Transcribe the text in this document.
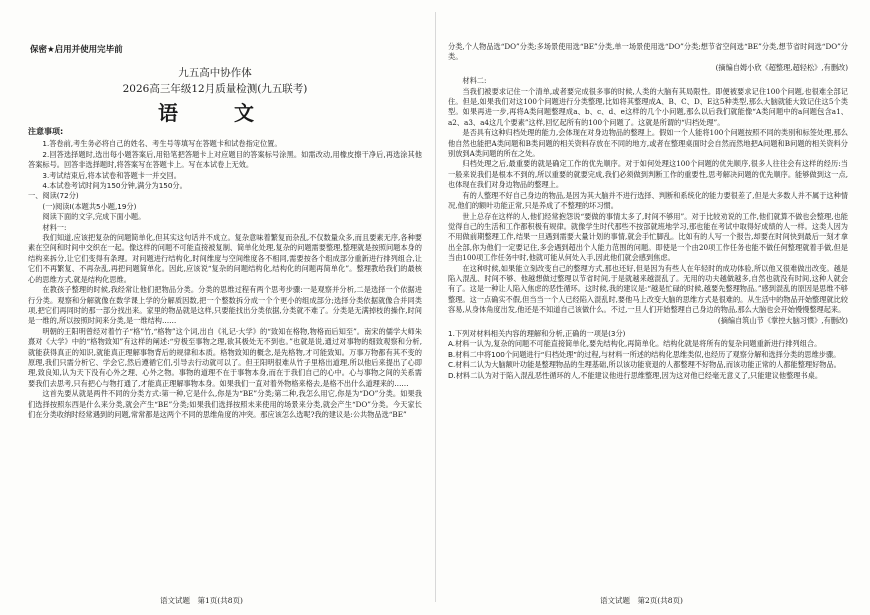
保密★启用并使用完毕前
九五高中协作体
2026高三年级12月质量检测(九五联考)
语　文
注意事项:

1.答卷前,考生务必将自己的姓名、考生号等填写在答题卡和试卷指定位置。

2.回答选择题时,选出每小题答案后,用铅笔把答题卡上对应题目的答案标号涂黑。如需改动,用橡皮擦干净后,再选涂其他答案标号。回答非选择题时,将答案写在答题卡上。写在本试卷上无效。

3.考试结束后,将本试卷和答题卡一并交回。

4.本试卷考试时间为150分钟,满分为150分。

一、阅读(72分)

(一)阅读Ⅰ(本题共5小题,19分)

阅读下面的文字,完成下面小题。

材料一:

我们知道,应该把复杂的问题简单化,但其实这句话并不成立。复杂意味着繁复而杂乱,不仅数量众多,而且要素无序,各种要素在空间和时间中交织在一起。像这样的问题不可能直接被复制、简单化处理,复杂的问题需要整理,整理就是按照问题本身的结构来拆分,让它们变得有条理。对问题进行结构化,时间维度与空间维度各不相同,需要按各个组成部分重新进行排列组合,让它们不再繁复、不再杂乱,再把问题简单化。因此,应该说“复杂的问题结构化,结构化的问题再简单化”。整理教给我们的最核心的思维方式,就是结构化思维。

在教孩子整理的时候,我经常让他们把物品分类。分类的思维过程有两个思考步骤:一是观察并分析,二是选择一个依据进行分类。观察和分解就像在数学课上学的分解质因数,把一个整数拆分成一个个更小的组成部分;选择分类依据就像合并同类项,把它们再同时的那一部分找出来。家里的物品就是这样,只要能找出分类依据,分类就不难了。分类是无满掉枝的操作,时间是一维的,所以按照时间来分类,是一维结构……

明朝的王阳明曾经对着竹子“格”竹,“格物”这个词,出自《礼记·大学》的“致知在格物,物格而后知至”。南宋的儒学大师朱熹对《大学》中的“格物致知”有这样的阐述:“穷极至事物之理,欲其极处无不到也。”也就是说,通过对事物的细致观察和分析,就能获得真正的知识,就能真正理解事物背后的规律和本质。格物致知的概念,是先格物,才可能致知。万事万物都有其不变的原理,我们只需分析它、学会它,然后遵循它们,引导去行动就可以了。但王阳明很难从竹子里格出道理,所以他后来提出了心即理,致良知,认为天下没有心外之理、心外之物。事物的道理不在于事物本身,而在于我们自己的心中。心与事物之间的关系需要我们去思考,只有把心与物打通了,才能真正理解事物本身。如果我们一直对着外物格来格去,是格不出什么道理来的……

这首先要从就是两件不同的分类方式:第一种,它是什么,你是为“BE”分类;第二种,我怎么用它,你是为“DO”分类。如果我们选择按照东西是什么来分类,就会产生“BE”分类;如果我们选择按照未来使用的场景来分类,就会产生“DO”分类。今天家长们在分类收纳时经常遇到的问题,常常都是这两个不同的思维角度的冲突。那应该怎么选呢?我的建议是:公共物品选“BE”

语文试题　第1页(共8页)

分类,个人物品选“DO”分类;多场景使用选“BE”分类,单一场景使用选“DO”分类;想节省空间选“BE”分类,想节省时间选“DO”分类。

(摘编自姆小欣《超整理,超轻松》,有删改)

材料二:

当我们被要求记住一个清单,或者要完成很多事的时候,人类的大脑有其局限性。即便被要求记住100个问题,也很难全部记住。但是,如果我们对这100个问题进行分类整理,比如将其整理成A、B、C、D、E这5种类型,那么大脑就能大致记住这5个类型。如果再进一步,再将A类问题整理成a、b、c、d、e这样的几个小问题,那么以后我们就能像“A类问题中的a问题包含a1、a2、a3、a4这几个要素”这样,回忆起所有的100个问题了。这就是所谓的“归档处理”。

是否具有这种归档处理的能力,会体现在对身边物品的整理上。假如一个人能将100个问题按照不同的类别和标签处理,那么他自然也能把A类问题和B类问题的相关资料存放在不同的地方,或者在整理桌面时会自然而然地把A问题和B问题的相关资料分别放到A类问题的所在之处。

归档处理之后,最重要的就是确定工作的优先顺序。对于如何处理这100个问题的优先顺序,很多人往往会有这样的经历:当一般来说我们是根本不到的,所以重要的就要完成,我们必须做到判断工作的重要性,思考解决问题的优先顺序。能够做到这一点,也体现在我们对身边物品的整理上。

有的人整理不好自己身边的物品,是因为其大脑并不进行选择、判断和系统化的能力要很差了,但是大多数人并不属于这种情况,他们的额叶功能正常,只是养成了不整理的坏习惯。

世上总存在这样的人,他们经常抱怨说“要做的事情太多了,时间不够用”。对于比较劝说的工作,他们就算不做也会整理,也能觉得自己的生活和工作都积极有规律。就像学生时代那些不按部就班地学习,那也能在考试中取得好成绩的人一样。这类人因为不用做前期整理工作,结果一旦遇到需要大量计划的事情,就会手忙脚乱。比如有的人写一个报告,却要在时间快到最后一刻才拿出全部,你为他们一定要记住,多会遇到超出个人能力范围的问题。即使是一个由20项工作任务也能不做任何整理就着手做,但是当由100项工作任务中时,他就可能从何处入手,因此他们就会感到焦虑。

在这种时候,如果能立刻改变自己的整理方式,那也还好,但是因为有些人在年轻时的成功体验,所以他又很难做出改变。越是陷入混乱、时间不够、他越想做过整理以节省时间,于是就越来越混乱了。无用的功夫越做越多,自然也就没有时间,这种人就会有了。这是一种让人陷入焦虑的恶性循环。这时候,我的建议是:“越是忙碌的时候,越要先整理物品。”感到混乱的原因是思维不够整理。这一点确实不假,但当当一个人已经陷入混乱时,要他马上改变大脑的思维方式是很难的。从生活中的物品开始整理就比较容易,从身体角度出发,他还是不知道自己该做什么。不过,一旦人们开始整理自己身边的物品,那么大脑也会开始慢慢整理起来。

(摘编自筑山节《掌控大脑习惯》,有删改)
1.下列对材料相关内容的理解和分析,正确的一项是(3分)

A.材料一认为,复杂的问题不可能直接简单化,要先结构化,再简单化。结构化就是将所有的复杂问题重新进行排列组合。

B.材料二中将100个问题进行“归档处理”的过程,与材料一所述的结构化思维类似,也经历了观察分解和选择分类的思维步骤。

C.材料二认为大脑额叶功能是整理物品的生理基础,所以该功能衰退的人都整理不好物品,而该功能正常的人都能整理好物品。

D.材料二认为对于陷入混乱恶性循环的人,不能建议他进行思维整理,因为这对他已经毫无意义了,只能建议他整理书桌。

语文试题　第2页(共8页)
